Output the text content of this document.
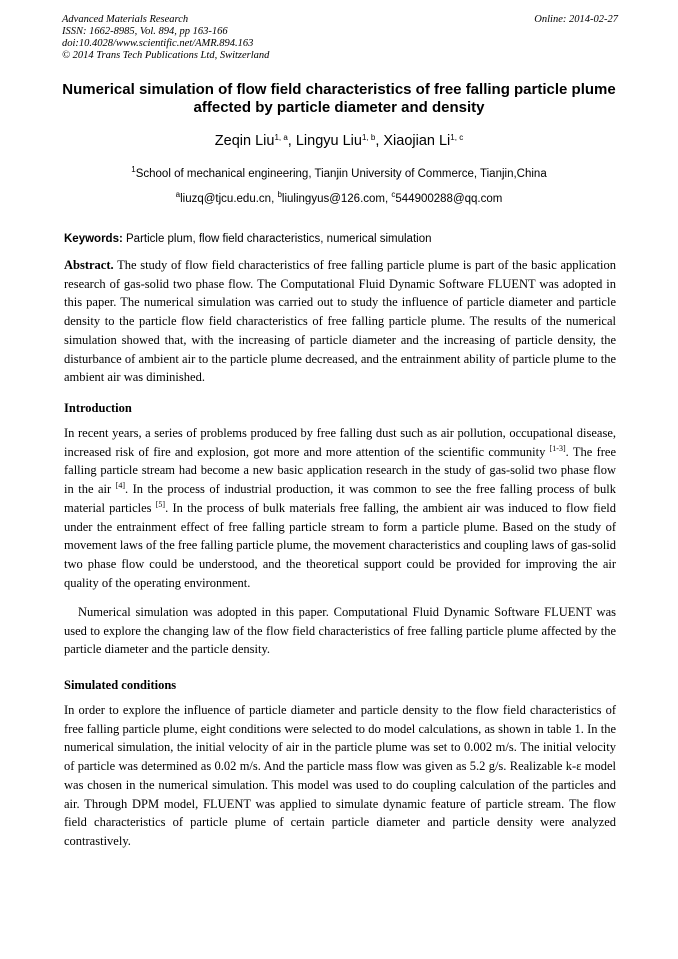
Advanced Materials Research
ISSN: 1662-8985, Vol. 894, pp 163-166
doi:10.4028/www.scientific.net/AMR.894.163
© 2014 Trans Tech Publications Ltd, Switzerland
Online: 2014-02-27
Numerical simulation of flow field characteristics of free falling particle plume affected by particle diameter and density
Zeqin Liu$^{1, a}$, Lingyu Liu$^{1, b}$, Xiaojian Li$^{1, c}$
$^1$School of mechanical engineering, Tianjin University of Commerce, Tianjin,China
$^a$liuzq@tjcu.edu.cn, $^b$liulingyus@126.com, $^c$544900288@qq.com
Keywords: Particle plum, flow field characteristics, numerical simulation
Abstract. The study of flow field characteristics of free falling particle plume is part of the basic application research of gas-solid two phase flow. The Computational Fluid Dynamic Software FLUENT was adopted in this paper. The numerical simulation was carried out to study the influence of particle diameter and particle density to the particle flow field characteristics of free falling particle plume. The results of the numerical simulation showed that, with the increasing of particle diameter and the increasing of particle density, the disturbance of ambient air to the particle plume decreased, and the entrainment ability of particle plume to the ambient air was diminished.
Introduction
In recent years, a series of problems produced by free falling dust such as air pollution, occupational disease, increased risk of fire and explosion, got more and more attention of the scientific community [1-3]. The free falling particle stream had become a new basic application research in the study of gas-solid two phase flow in the air [4]. In the process of industrial production, it was common to see the free falling process of bulk material particles [5]. In the process of bulk materials free falling, the ambient air was induced to flow field under the entrainment effect of free falling particle stream to form a particle plume. Based on the study of movement laws of the free falling particle plume, the movement characteristics and coupling laws of gas-solid two phase flow could be understood, and the theoretical support could be provided for improving the air quality of the operating environment.
Numerical simulation was adopted in this paper. Computational Fluid Dynamic Software FLUENT was used to explore the changing law of the flow field characteristics of free falling particle plume affected by the particle diameter and the particle density.
Simulated conditions
In order to explore the influence of particle diameter and particle density to the flow field characteristics of free falling particle plume, eight conditions were selected to do model calculations, as shown in table 1. In the numerical simulation, the initial velocity of air in the particle plume was set to 0.002 m/s. The initial velocity of particle was determined as 0.02 m/s. And the particle mass flow was given as 5.2 g/s. Realizable k-ε model was chosen in the numerical simulation. This model was used to do coupling calculation of the particles and air. Through DPM model, FLUENT was applied to simulate dynamic feature of particle stream. The flow field characteristics of particle plume of certain particle diameter and particle density were analyzed contrastively.
